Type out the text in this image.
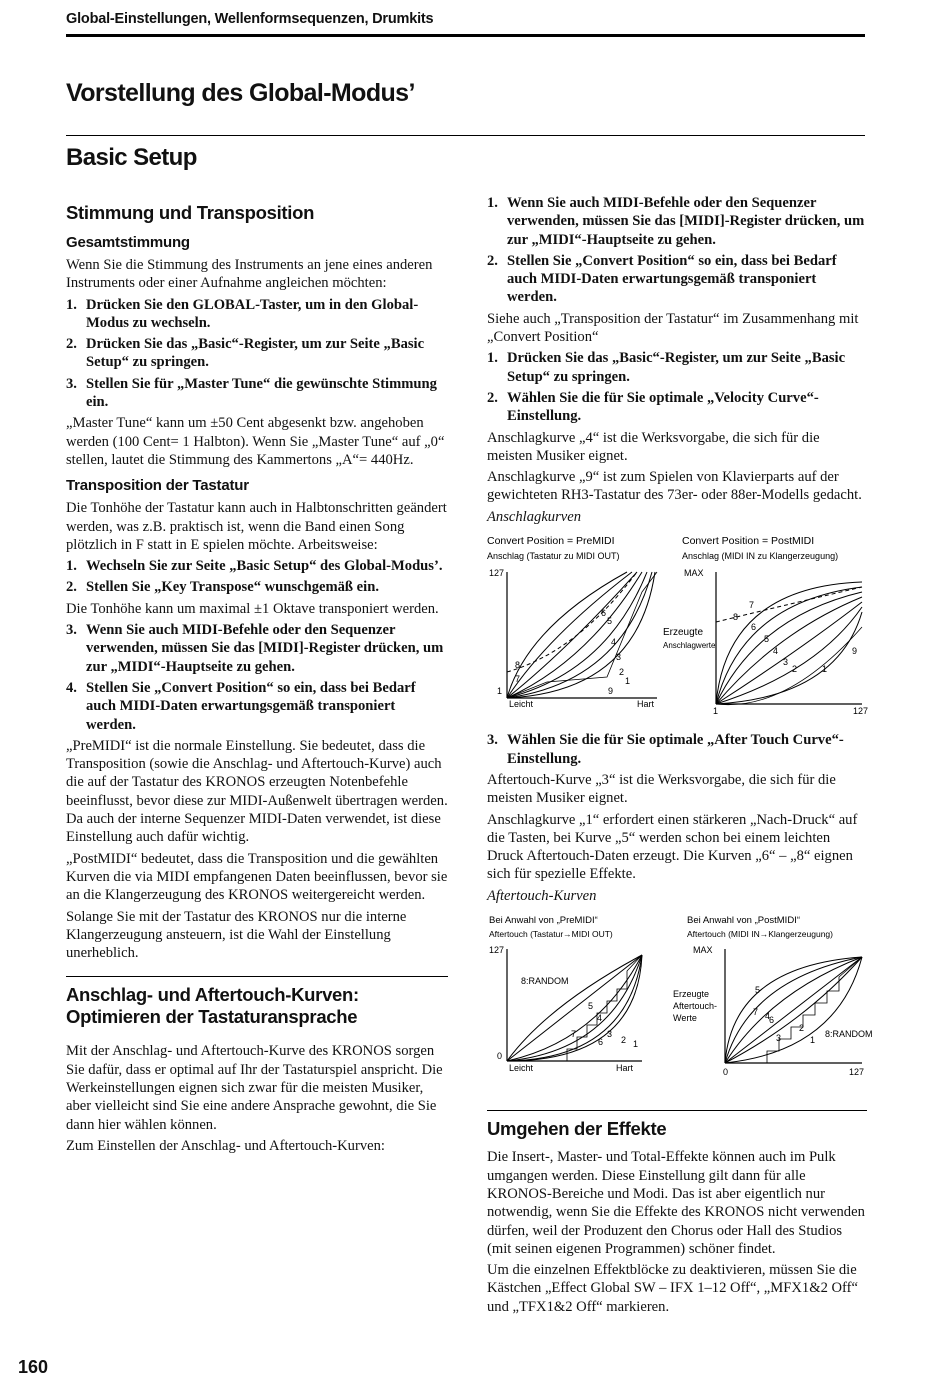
Global-Einstellungen, Wellenformsequenzen, Drumkits
Vorstellung des Global-Modus’
Basic Setup
Stimmung und Transposition
Gesamtstimmung
Wenn Sie die Stimmung des Instruments an jene eines anderen Instruments oder einer Aufnahme angleichen möchten:
1. Drücken Sie den GLOBAL-Taster, um in den Global-Modus zu wechseln.
2. Drücken Sie das „Basic“-Register, um zur Seite „Basic Setup“ zu springen.
3. Stellen Sie für „Master Tune“ die gewünschte Stimmung ein.
„Master Tune“ kann um ±50 Cent abgesenkt bzw. angehoben werden (100 Cent= 1 Halbton). Wenn Sie „Master Tune“ auf „0“ stellen, lautet die Stimmung des Kammertons „A“= 440Hz.
Transposition der Tastatur
Die Tonhöhe der Tastatur kann auch in Halbtonschritten geändert werden, was z.B. praktisch ist, wenn die Band einen Song plötzlich in F statt in E spielen möchte. Arbeitsweise:
1. Wechseln Sie zur Seite „Basic Setup“ des Global-Modus’.
2. Stellen Sie „Key Transpose“ wunschgemäß ein.
Die Tonhöhe kann um maximal ±1 Oktave transponiert werden.
3. Wenn Sie auch MIDI-Befehle oder den Sequenzer verwenden, müssen Sie das [MIDI]-Register drücken, um zur „MIDI“-Hauptseite zu gehen.
4. Stellen Sie „Convert Position“ so ein, dass bei Bedarf auch MIDI-Daten erwartungsgemäß transponiert werden.
„PreMIDI“ ist die normale Einstellung. Sie bedeutet, dass die Transposition (sowie die Anschlag- und Aftertouch-Kurve) auch die auf der Tastatur des KRONOS erzeugten Notenbefehle beeinflusst, bevor diese zur MIDI-Außenwelt übertragen werden. Da auch der interne Sequenzer MIDI-Daten verwendet, ist diese Einstellung auch dafür wichtig.
„PostMIDI“ bedeutet, dass die Transposition und die gewählten Kurven die via MIDI empfangenen Daten beeinflussen, bevor sie an die Klangerzeugung des KRONOS weitergereicht werden.
Solange Sie mit der Tastatur des KRONOS nur die interne Klangerzeugung ansteuern, ist die Wahl der Einstellung unerheblich.
Anschlag- und Aftertouch-Kurven: Optimieren der Tastaturansprache
Mit der Anschlag- und Aftertouch-Kurve des KRONOS sorgen Sie dafür, dass er optimal auf Ihr der Tastaturspiel anspricht. Die Werkeinstellungen eignen sich zwar für die meisten Musiker, aber vielleicht sind Sie eine andere Ansprache gewohnt, die Sie dann hier wählen können.
Zum Einstellen der Anschlag- und Aftertouch-Kurven:
1. Wenn Sie auch MIDI-Befehle oder den Sequenzer verwenden, müssen Sie das [MIDI]-Register drücken, um zur „MIDI“-Hauptseite zu gehen.
2. Stellen Sie „Convert Position“ so ein, dass bei Bedarf auch MIDI-Daten erwartungsgemäß transponiert werden.
Siehe auch „Transposition der Tastatur“ im Zusammenhang mit „Convert Position“
1. Drücken Sie das „Basic“-Register, um zur Seite „Basic Setup“ zu springen.
2. Wählen Sie die für Sie optimale „Velocity Curve“-Einstellung.
Anschlagkurve „4“ ist die Werksvorgabe, die sich für die meisten Musiker eignet.
Anschlagkurve „9“ ist zum Spielen von Klavierparts auf der gewichteten RH3-Tastatur des 73er- oder 88er-Modells gedacht.
Anschlagkurven
Convert Position = PreMIDI
Anschlag (Tastatur zu MIDI OUT)
127
1
Leicht	Hart
1
2
3
4
5
6
7
8
9
Erzeugte
Anschlagwerte
Convert Position = PostMIDI
Anschlag (MIDI IN zu Klangerzeugung)
MAX
1	127
1
2
3
4
5
6
7
8
9
3. Wählen Sie die für Sie optimale „After Touch Curve“-Einstellung.
Aftertouch-Kurve „3“ ist die Werksvorgabe, die sich für die meisten Musiker eignet.
Anschlagkurve „1“ erfordert einen stärkeren „Nach-Druck“ auf die Tasten, bei Kurve „5“ werden schon bei einem leichten Druck Aftertouch-Daten erzeugt. Die Kurven „6“ – „8“ eignen sich für spezielle Effekte.
Aftertouch-Kurven
Bei Anwahl von „PreMIDI“
Aftertouch (Tastatur→MIDI OUT)
127
0
Leicht	Hart
8:RANDOM
1
2
3
4
5
6
7
Erzeugte
Aftertouch-
Werte
Bei Anwahl von „PostMIDI“
Aftertouch (MIDI IN→Klangerzeugung)
MAX
0	127
8:RANDOM
1
2
3
4
5
6
7
Umgehen der Effekte
Die Insert-, Master- und Total-Effekte können auch im Pulk umgangen werden. Diese Einstellung gilt dann für alle KRONOS-Bereiche und Modi. Das ist aber eigentlich nur notwendig, wenn Sie die Effekte des KRONOS nicht verwenden dürfen, weil der Produzent den Chorus oder Hall des Studios (mit seinen eigenen Programmen) schöner findet.
Um die einzelnen Effektblöcke zu deaktivieren, müssen Sie die Kästchen „Effect Global SW – IFX 1–12 Off“, „MFX1&2 Off“ und „TFX1&2 Off“ markieren.
160
